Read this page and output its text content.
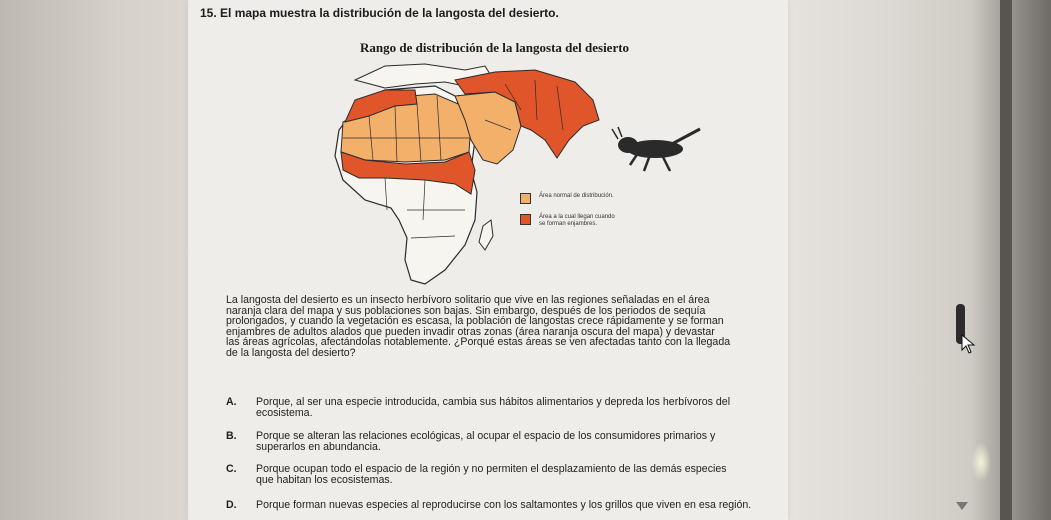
15. El mapa muestra la distribución de la langosta del desierto.
Rango de distribución de la langosta del desierto
Área normal de distribución.
Área a la cual llegan cuando
se forman enjambres.
La langosta del desierto es un insecto herbívoro solitario que vive en las regiones señaladas en el área
naranja clara del mapa y sus poblaciones son bajas. Sin embargo, después de los periodos de sequía
prolongados, y cuando la vegetación es escasa, la población de langostas crece rápidamente y se forman
enjambres de adultos alados que pueden invadir otras zonas (área naranja oscura del mapa) y devastar
las áreas agrícolas, afectándolas notablemente. ¿Porqué estas áreas se ven afectadas tanto con la llegada
de la langosta del desierto?
A. Porque, al ser una especie introducida, cambia sus hábitos alimentarios y depreda los herbívoros del
ecosistema.
B. Porque se alteran las relaciones ecológicas, al ocupar el espacio de los consumidores primarios y
superarlos en abundancia.
C. Porque ocupan todo el espacio de la región y no permiten el desplazamiento de las demás especies
que habitan los ecosistemas.
D. Porque forman nuevas especies al reproducirse con los saltamontes y los grillos que viven en esa región.
